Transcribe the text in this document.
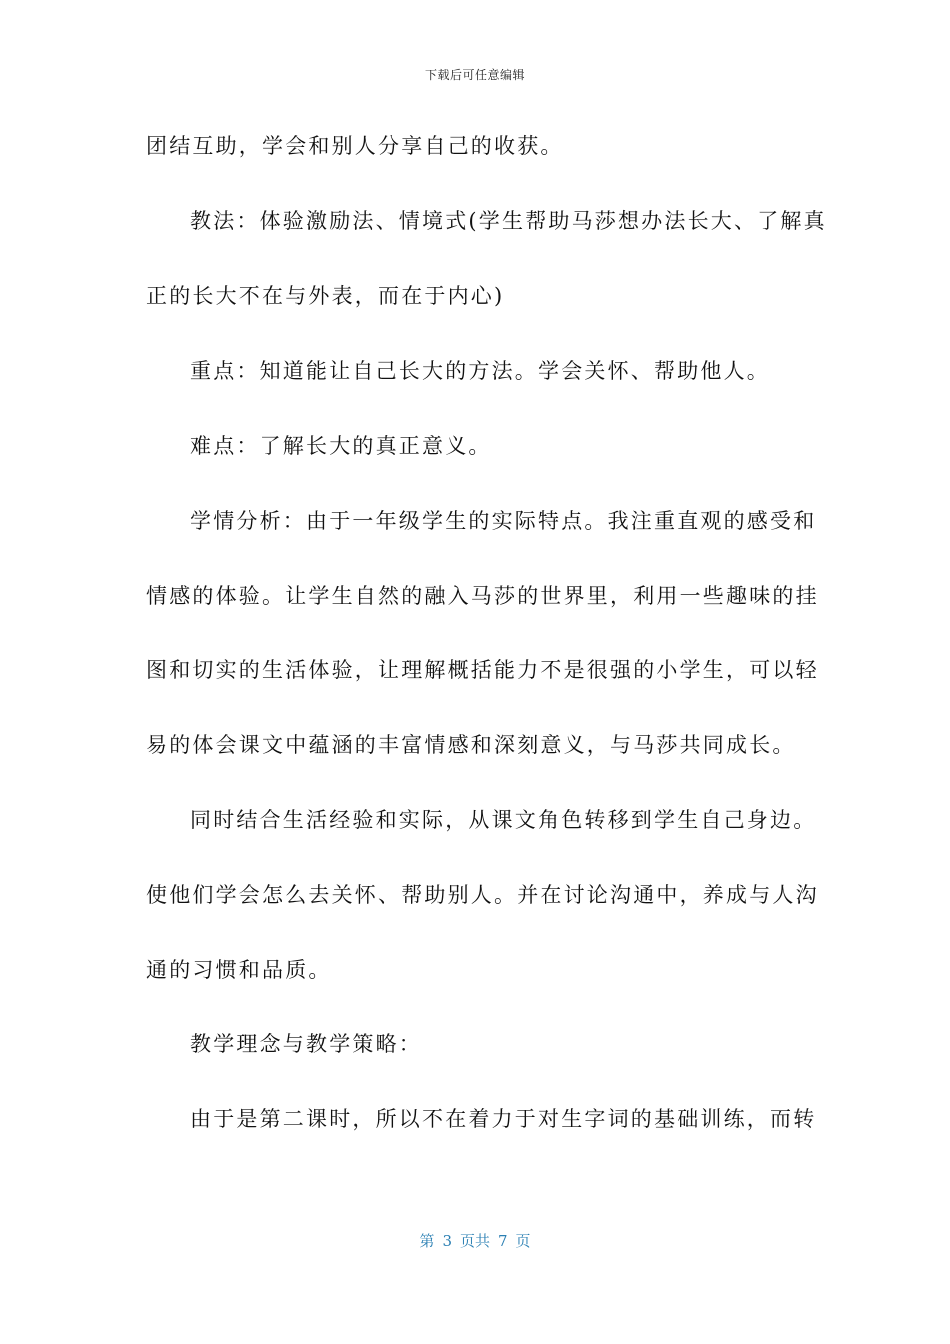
下载后可任意编辑
团结互助，学会和别人分享自己的收获。
教法：体验激励法、情境式(学生帮助马莎想办法长大、了解真
正的长大不在与外表，而在于内心)
重点：知道能让自己长大的方法。学会关怀、帮助他人。
难点：了解长大的真正意义。
学情分析：由于一年级学生的实际特点。我注重直观的感受和
情感的体验。让学生自然的融入马莎的世界里，利用一些趣味的挂
图和切实的生活体验，让理解概括能力不是很强的小学生，可以轻
易的体会课文中蕴涵的丰富情感和深刻意义，与马莎共同成长。
同时结合生活经验和实际，从课文角色转移到学生自己身边。
使他们学会怎么去关怀、帮助别人。并在讨论沟通中，养成与人沟
通的习惯和品质。
教学理念与教学策略：
由于是第二课时，所以不在着力于对生字词的基础训练，而转
第 3 页共 7 页
